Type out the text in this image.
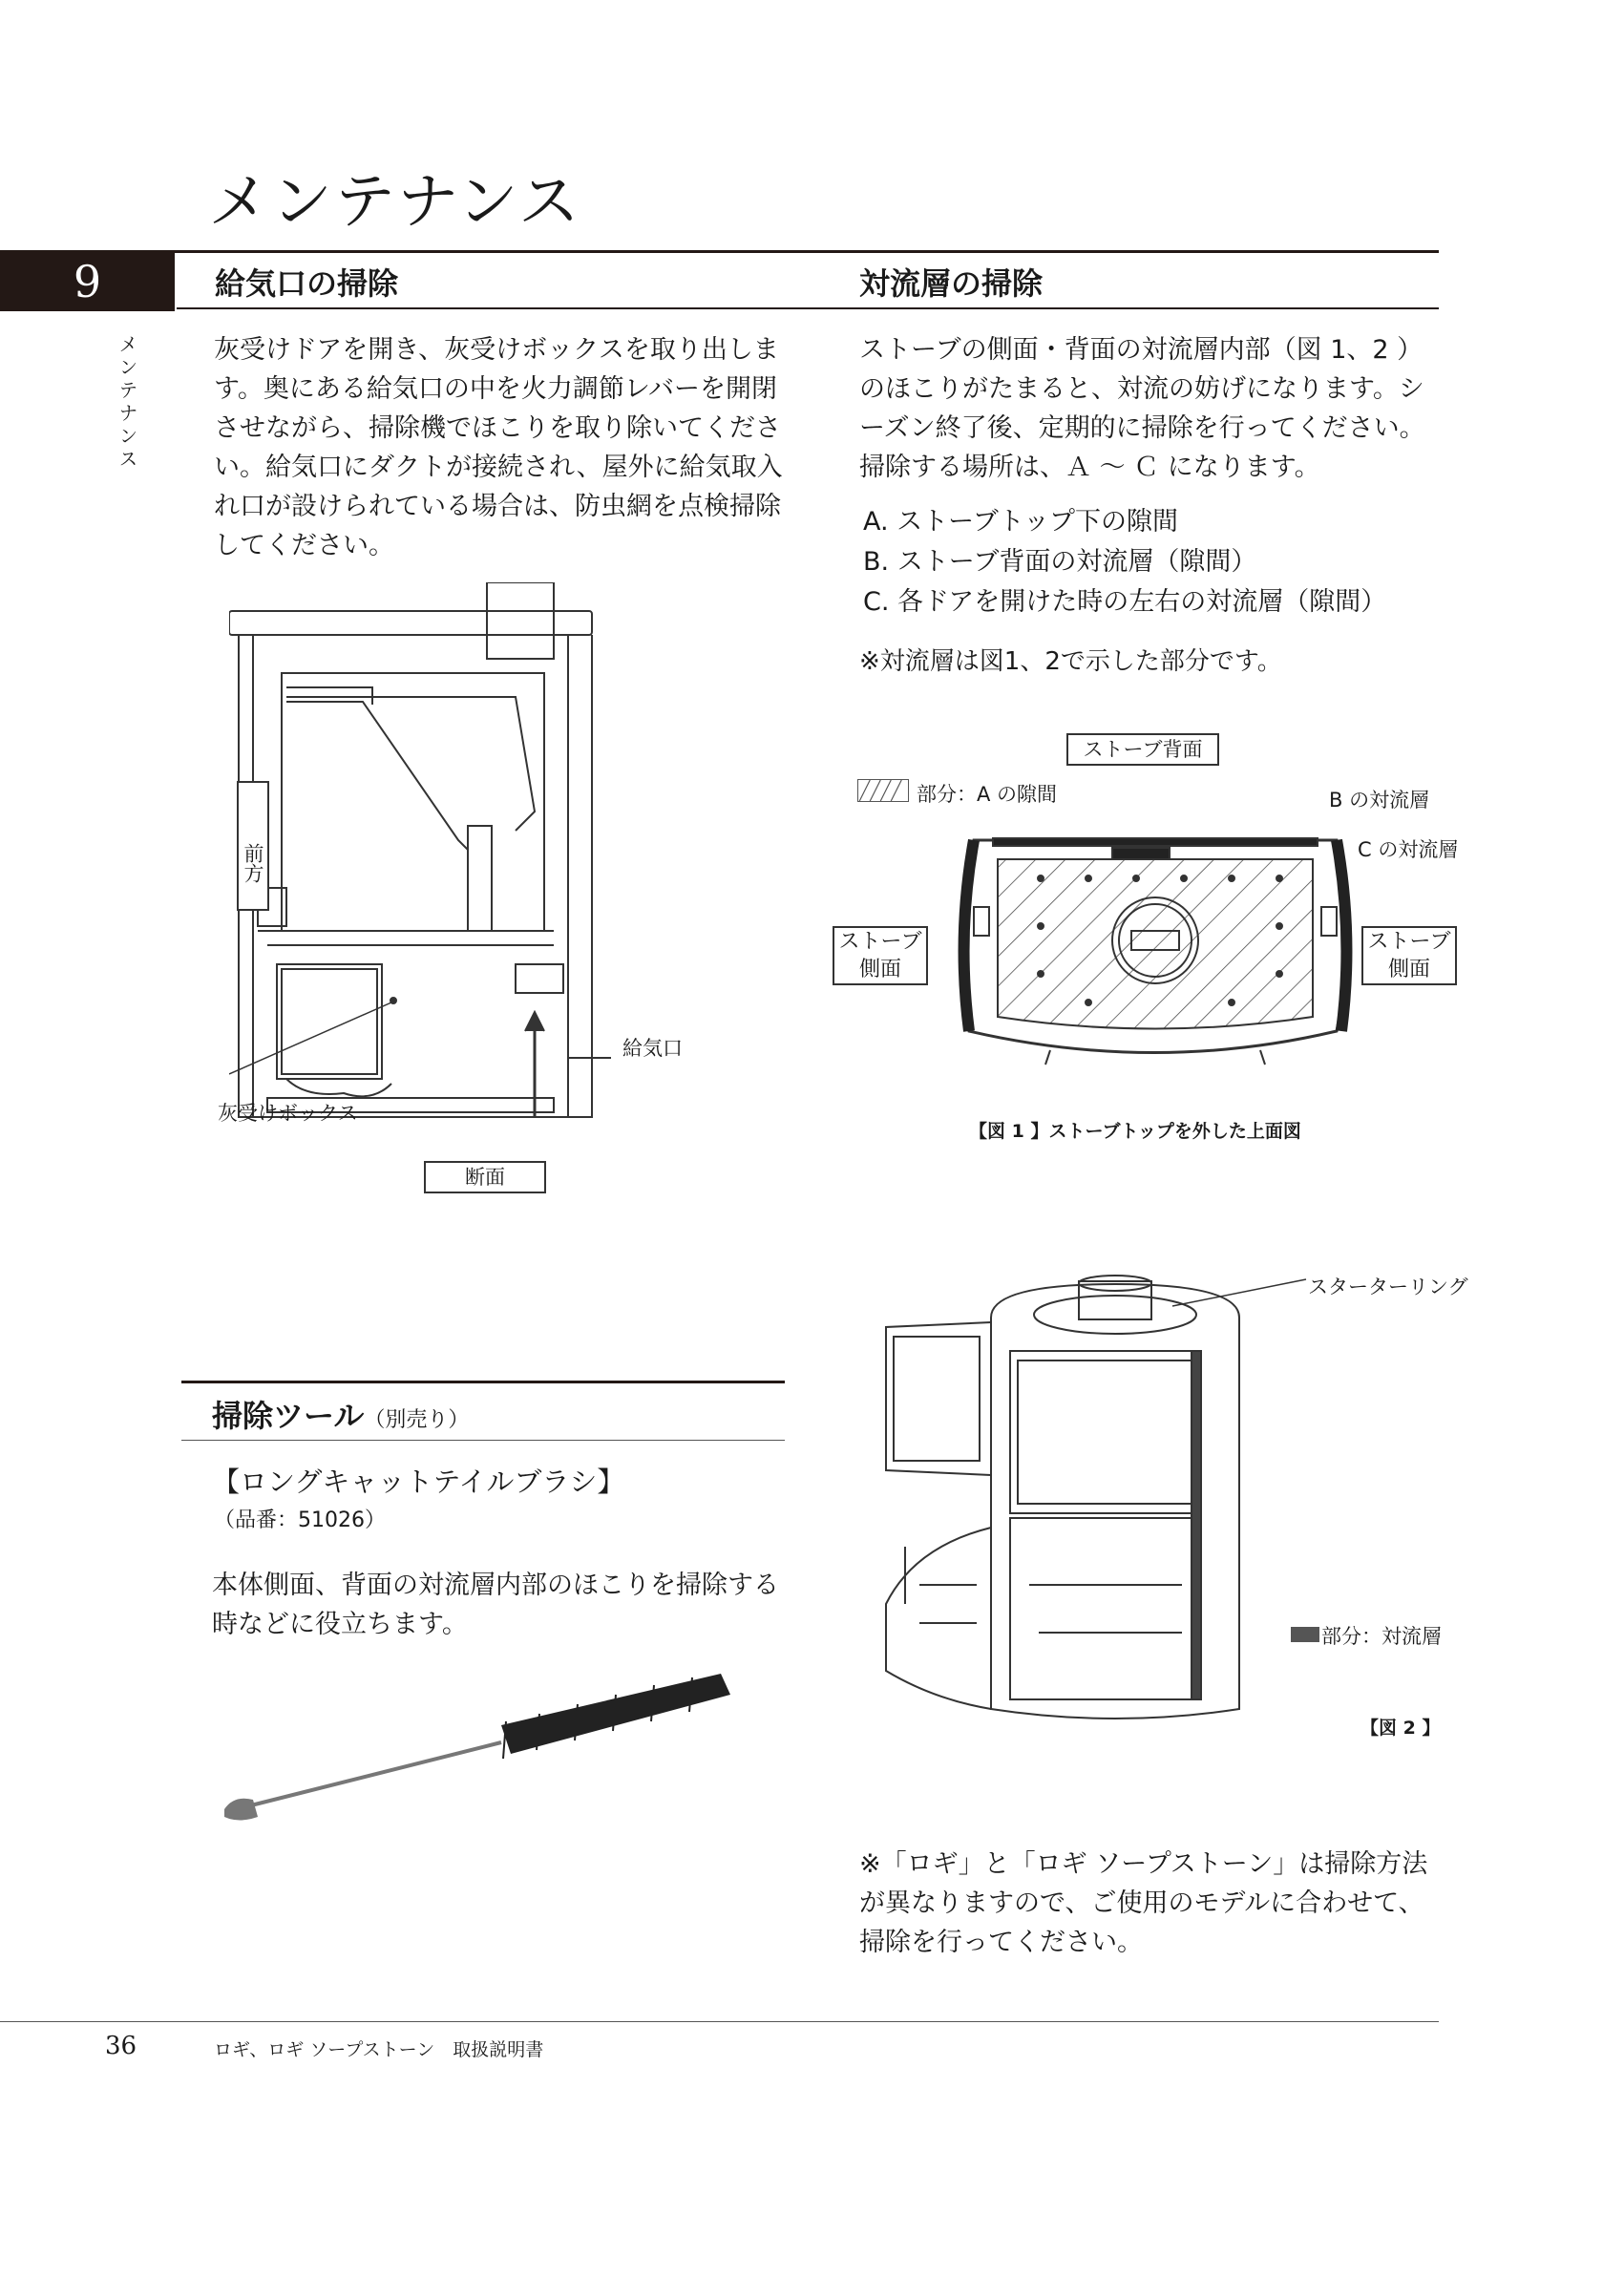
メンテナンス
9	給気口の掃除	対流層の掃除
メンテナンス	灰受けドアを開き、灰受けボックスを取り出します。奥にある給気口の中を火力調節レバーを開閉させながら、掃除機でほこりを取り除いてください。給気口にダクトが接続され、屋外に給気取入れ口が設けられている場合は、防虫網を点検掃除してください。
前方
給気口
灰受けボックス
断面
ストーブの側面・背面の対流層内部（図 1、2 ）のほこりがたまると、対流の妨げになります。シーズン終了後、定期的に掃除を行ってください。掃除する場所は、Ａ 〜 Ｃ になります。
A. ストーブトップ下の隙間
B. ストーブ背面の対流層（隙間）
C. 各ドアを開けた時の左右の対流層（隙間）
※対流層は図1、2で示した部分です。
ストーブ背面
部分：A の隙間	B の対流層
C の対流層
ストーブ側面
ストーブ側面
【図 1 】ストーブトップを外した上面図
掃除ツール（別売り）
【ロングキャットテイルブラシ】
（品番：51026）
本体側面、背面の対流層内部のほこりを掃除する時などに役立ちます。
スターターリング
部分：対流層
【図 2 】
※「ロギ」と「ロギ ソープストーン」は掃除方法が異なりますので、ご使用のモデルに合わせて、掃除を行ってください。
36	ロギ、ロギ ソープストーン　取扱説明書
